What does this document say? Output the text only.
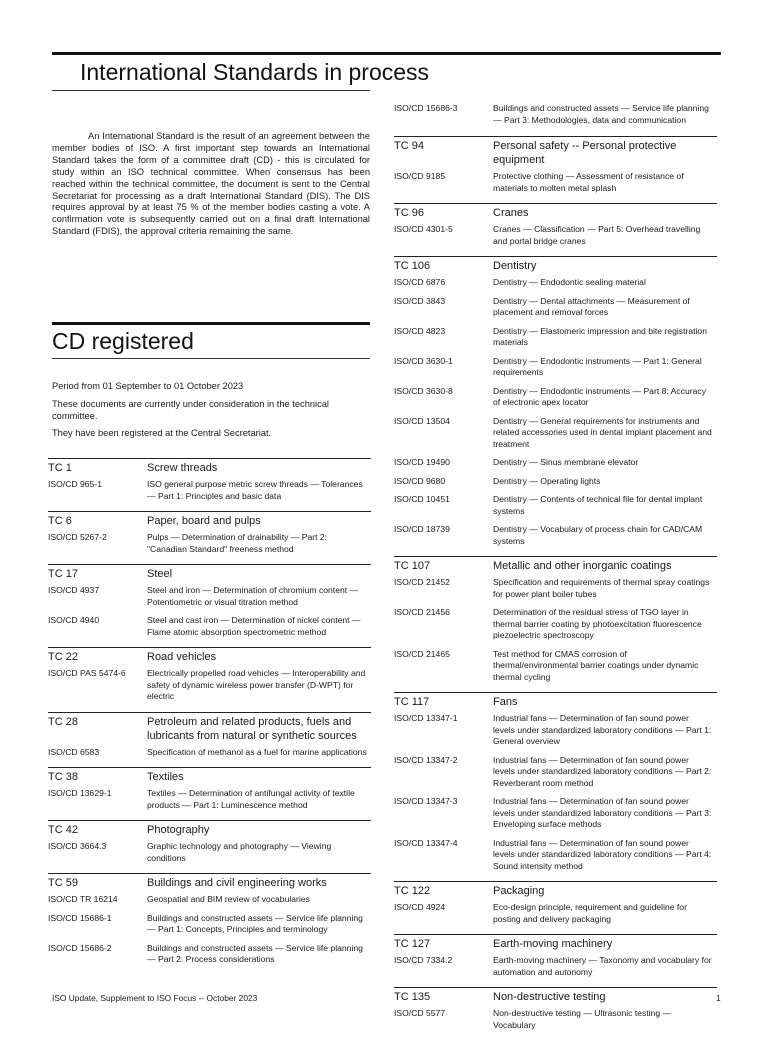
International Standards in process

An International Standard is the result of an agreement between the member bodies of ISO. A first important step towards an International Standard takes the form of a committee draft (CD) - this is circulated for study within an ISO technical committee. When consensus has been reached within the technical committee, the document is sent to the Central Secretariat for processing as a draft International Standard (DIS). The DIS requires approval by at least 75 % of the member bodies casting a vote. A confirmation vote is subsequently carried out on a final draft International Standard (FDIS), the approval criteria remaining the same.

CD registered

Period from 01 September to 01 October 2023

These documents are currently under consideration in the technical committee.

They have been registered at the Central Secretariat.

TC 1	Screw threads
ISO/CD 965-1	ISO general purpose metric screw threads — Tolerances — Part 1: Principles and basic data
TC 6	Paper, board and pulps
ISO/CD 5267-2	Pulps — Determination of drainability — Part 2: "Canadian Standard" freeness method
TC 17	Steel
ISO/CD 4937	Steel and iron — Determination of chromium content — Potentiometric or visual titration method
ISO/CD 4940	Steel and cast iron — Determination of nickel content — Flame atomic absorption spectrometric method
TC 22	Road vehicles
ISO/CD PAS 5474-6	Electrically propelled road vehicles — Interoperability and safety of dynamic wireless power transfer (D-WPT) for electric
TC 28	Petroleum and related products, fuels and lubricants from natural or synthetic sources
ISO/CD 6583	Specification of methanol as a fuel for marine applications
TC 38	Textiles
ISO/CD 13629-1	Textiles — Determination of antifungal activity of textile products — Part 1: Luminescence method
TC 42	Photography
ISO/CD 3664.3	Graphic technology and photography — Viewing conditions
TC 59	Buildings and civil engineering works
ISO/CD TR 16214	Geospatial and BIM review of vocabularies
ISO/CD 15686-1	Buildings and constructed assets — Service life planning — Part 1: Concepts, Principles and terminology
ISO/CD 15686-2	Buildings and constructed assets — Service life planning — Part 2: Process considerations
ISO/CD 15686-3	Buildings and constructed assets — Service life planning — Part 3: Methodologies, data and communication
TC 94	Personal safety -- Personal protective equipment
ISO/CD 9185	Protective clothing — Assessment of resistance of materials to molten metal splash
TC 96	Cranes
ISO/CD 4301-5	Cranes — Classification — Part 5: Overhead travelling and portal bridge cranes
TC 106	Dentistry
ISO/CD 6876	Dentistry — Endodontic sealing material
ISO/CD 3843	Dentistry — Dental attachments — Measurement of placement and removal forces
ISO/CD 4823	Dentistry — Elastomeric impression and bite registration materials
ISO/CD 3630-1	Dentistry — Endodontic instruments — Part 1: General requirements
ISO/CD 3630-8	Dentistry — Endodontic instruments — Part 8: Accuracy of electronic apex locator
ISO/CD 13504	Dentistry — General requirements for instruments and related accessories used in dental implant placement and treatment
ISO/CD 19490	Dentistry — Sinus membrane elevator
ISO/CD 9680	Dentistry — Operating lights
ISO/CD 10451	Dentistry — Contents of technical file for dental implant systems
ISO/CD 18739	Dentistry — Vocabulary of process chain for CAD/CAM systems
TC 107	Metallic and other inorganic coatings
ISO/CD 21452	Specification and requirements of thermal spray coatings for power plant boiler tubes
ISO/CD 21456	Determination of the residual stress of TGO layer in thermal barrier coating by photoexcitation fluorescence piezoelectric spectroscopy
ISO/CD 21465	Test method for CMAS corrosion of thermal/environmental barrier coatings under dynamic thermal cycling
TC 117	Fans
ISO/CD 13347-1	Industrial fans — Determination of fan sound power levels under standardized laboratory conditions — Part 1: General overview
ISO/CD 13347-2	Industrial fans — Determination of fan sound power levels under standardized laboratory conditions — Part 2: Reverberant room method
ISO/CD 13347-3	Industrial fans — Determination of fan sound power levels under standardized laboratory conditions — Part 3: Enveloping surface methods
ISO/CD 13347-4	Industrial fans — Determination of fan sound power levels under standardized laboratory conditions — Part 4: Sound intensity method
TC 122	Packaging
ISO/CD 4924	Eco-design principle, requirement and guideline for posting and delivery packaging
TC 127	Earth-moving machinery
ISO/CD 7334.2	Earth-moving machinery — Taxonomy and vocabulary for automation and autonomy
TC 135	Non-destructive testing
ISO/CD 5577	Non-destructive testing — Ultrasonic testing — Vocabulary
ISO Update, Supplement to ISO Focus -- October 2023	1
